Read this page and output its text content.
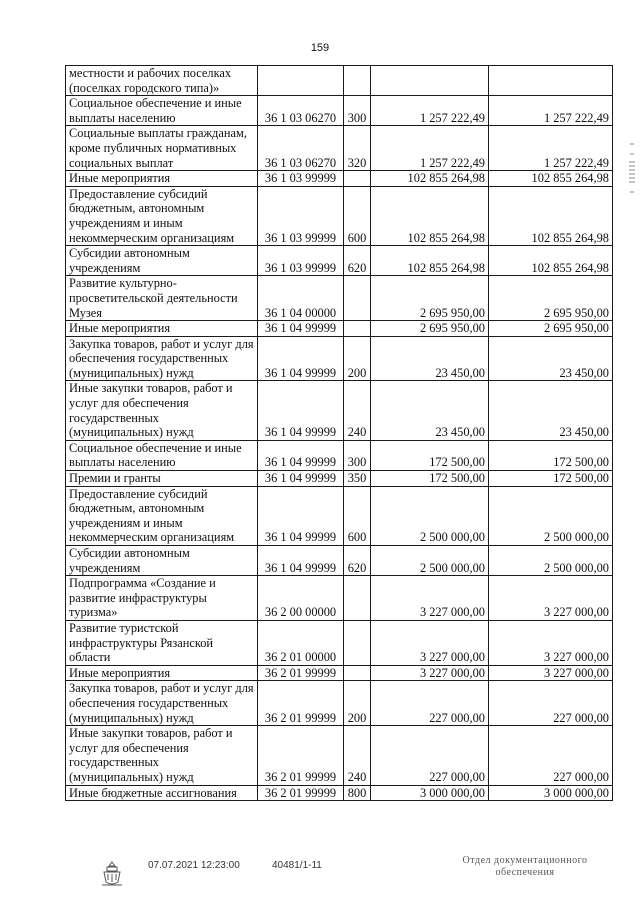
159
местности и рабочих поселках (поселках городского типа)»				
Социальное обеспечение и иные выплаты населению	36 1 03 06270	300	1 257 222,49	1 257 222,49
Социальные выплаты гражданам, кроме публичных нормативных социальных выплат	36 1 03 06270	320	1 257 222,49	1 257 222,49
Иные мероприятия	36 1 03 99999		102 855 264,98	102 855 264,98
Предоставление субсидий бюджетным, автономным учреждениям и иным некоммерческим организациям	36 1 03 99999	600	102 855 264,98	102 855 264,98
Субсидии автономным учреждениям	36 1 03 99999	620	102 855 264,98	102 855 264,98
Развитие культурно-просветительской деятельности Музея	36 1 04 00000		2 695 950,00	2 695 950,00
Иные мероприятия	36 1 04 99999		2 695 950,00	2 695 950,00
Закупка товаров, работ и услуг для обеспечения государственных (муниципальных) нужд	36 1 04 99999	200	23 450,00	23 450,00
Иные закупки товаров, работ и услуг для обеспечения государственных (муниципальных) нужд	36 1 04 99999	240	23 450,00	23 450,00
Социальное обеспечение и иные выплаты населению	36 1 04 99999	300	172 500,00	172 500,00
Премии и гранты	36 1 04 99999	350	172 500,00	172 500,00
Предоставление субсидий бюджетным, автономным учреждениям и иным некоммерческим организациям	36 1 04 99999	600	2 500 000,00	2 500 000,00
Субсидии автономным учреждениям	36 1 04 99999	620	2 500 000,00	2 500 000,00
Подпрограмма «Создание и развитие инфраструктуры туризма»	36 2 00 00000		3 227 000,00	3 227 000,00
Развитие туристской инфраструктуры Рязанской области	36 2 01 00000		3 227 000,00	3 227 000,00
Иные мероприятия	36 2 01 99999		3 227 000,00	3 227 000,00
Закупка товаров, работ и услуг для обеспечения государственных (муниципальных) нужд	36 2 01 99999	200	227 000,00	227 000,00
Иные закупки товаров, работ и услуг для обеспечения государственных (муниципальных) нужд	36 2 01 99999	240	227 000,00	227 000,00
Иные бюджетные ассигнования	36 2 01 99999	800	3 000 000,00	3 000 000,00
07.07.2021 12:23:00	40481/1-11	Отдел документационного обеспечения
